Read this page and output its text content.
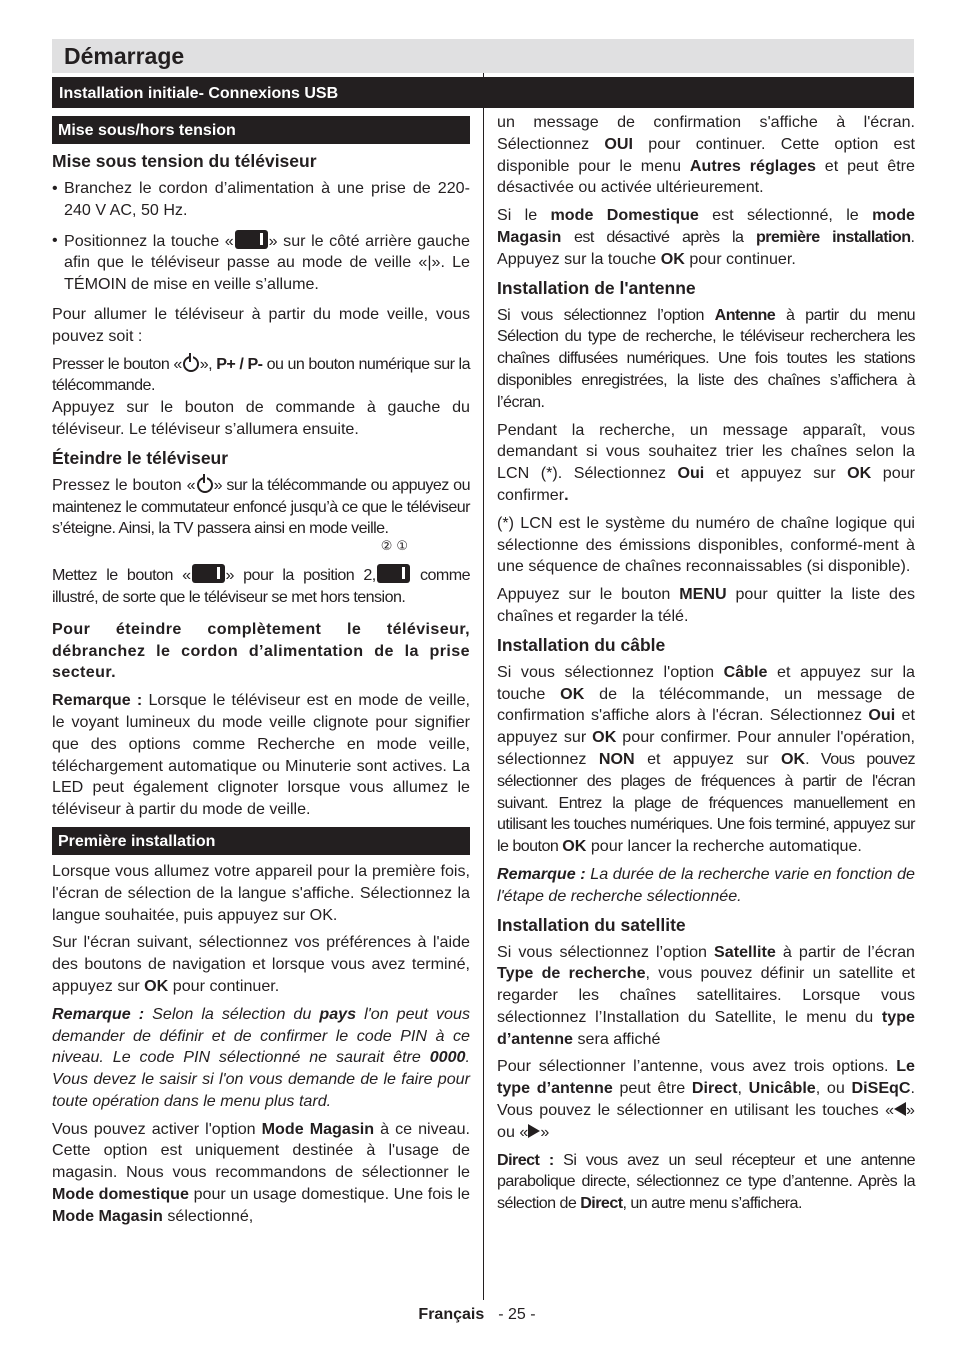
Démarrage
Installation initiale- Connexions USB
Mise sous/hors tension
Mise sous tension du téléviseur
• Branchez le cordon d’alimentation à une prise de 220-240 V AC, 50 Hz.
• Positionnez la touche « » sur le côté arrière gauche afin que le téléviseur passe au mode de veille «|». Le TÉMOIN de mise en veille s’allume.

Pour allumer le téléviseur à partir du mode veille, vous pouvez soit :

Presser le bouton « », P+ / P- ou un bouton numérique sur la télécommande.

Appuyez sur le bouton de commande à gauche du téléviseur. Le téléviseur s’allumera ensuite.

Éteindre le téléviseur

Pressez le bouton « » sur la télécommande ou appuyez ou maintenez le commutateur enfoncé jusqu’à ce que le téléviseur s’éteigne. Ainsi, la TV passera ainsi en mode veille.

Mettez le bouton « » pour la position 2,
②①
comme illustré, de sorte que le téléviseur se met hors tension.

Pour éteindre complètement le téléviseur, débranchez le cordon d’alimentation de la prise secteur.

Remarque : Lorsque le téléviseur est en mode de veille, le voyant lumineux du mode veille clignote pour signifier que des options comme Recherche en mode veille, téléchargement automatique ou Minuterie sont actives. La LED peut également clignoter lorsque vous allumez le téléviseur à partir du mode de veille.

Première installation

Lorsque vous allumez votre appareil pour la première fois, l'écran de sélection de la langue s'affiche. Sélectionnez la langue souhaitée, puis appuyez sur OK.

Sur l'écran suivant, sélectionnez vos préférences à l'aide des boutons de navigation et lorsque vous avez terminé, appuyez sur OK pour continuer.

Remarque : Selon la sélection du pays l'on peut vous demander de définir et de confirmer le code PIN à ce niveau. Le code PIN sélectionné ne saurait être 0000. Vous devez le saisir si l'on vous demande de le faire pour toute opération dans le menu plus tard.

Vous pouvez activer l'option Mode Magasin à ce niveau. Cette option est uniquement destinée à l'usage de magasin. Nous vous recommandons de sélectionner le Mode domestique pour un usage domestique. Une fois le Mode Magasin sélectionné,

un message de confirmation s'affiche à l'écran. Sélectionnez OUI pour continuer. Cette option est disponible pour le menu Autres réglages et peut être désactivée ou activée ultérieurement.

Si le mode Domestique est sélectionné, le mode Magasin est désactivé après la première installation. Appuyez sur la touche OK pour continuer.

Installation de l'antenne

Si vous sélectionnez l’option Antenne à partir du menu Sélection du type de recherche, le téléviseur recherchera les chaînes diffusées numériques. Une fois toutes les stations disponibles enregistrées, la liste des chaînes s’affichera à l’écran.

Pendant la recherche, un message apparaît, vous demandant si vous souhaitez trier les chaînes selon la LCN (*). Sélectionnez Oui et appuyez sur OK pour confirmer.

(*) LCN est le système du numéro de chaîne logique qui sélectionne des émissions disponibles, conformé-ment à une séquence de chaînes reconnaissables (si disponible).

Appuyez sur le bouton MENU pour quitter la liste des chaînes et regarder la télé.

Installation du câble

Si vous sélectionnez l'option Câble et appuyez sur la touche OK de la télécommande, un message de confirmation s'affiche alors à l'écran. Sélectionnez Oui et appuyez sur OK pour confirmer. Pour annuler l'opération, sélectionnez NON et appuyez sur OK. Vous pouvez sélectionner des plages de fréquences à partir de l'écran suivant. Entrez la plage de fréquences manuellement en utilisant les touches numériques. Une fois terminé, appuyez sur le bouton OK pour lancer la recherche automatique.

Remarque : La durée de la recherche varie en fonction de l'étape de recherche sélectionnée.

Installation du satellite

Si vous sélectionnez l’option Satellite à partir de l’écran Type de recherche, vous pouvez définir un satellite et regarder les chaînes satellitaires. Lorsque vous sélectionnez l’Installation du Satellite, le menu du type d’antenne sera affiché

Pour sélectionner l’antenne, vous avez trois options. Le type d’antenne peut être Direct, Unicâble, ou DiSEqC. Vous pouvez le sélectionner en utilisant les touches « » ou « »

Direct : Si vous avez un seul récepteur et une antenne parabolique directe, sélectionnez ce type d’antenne. Après la sélection de Direct, un autre menu s’affichera.

Français - 25 -
